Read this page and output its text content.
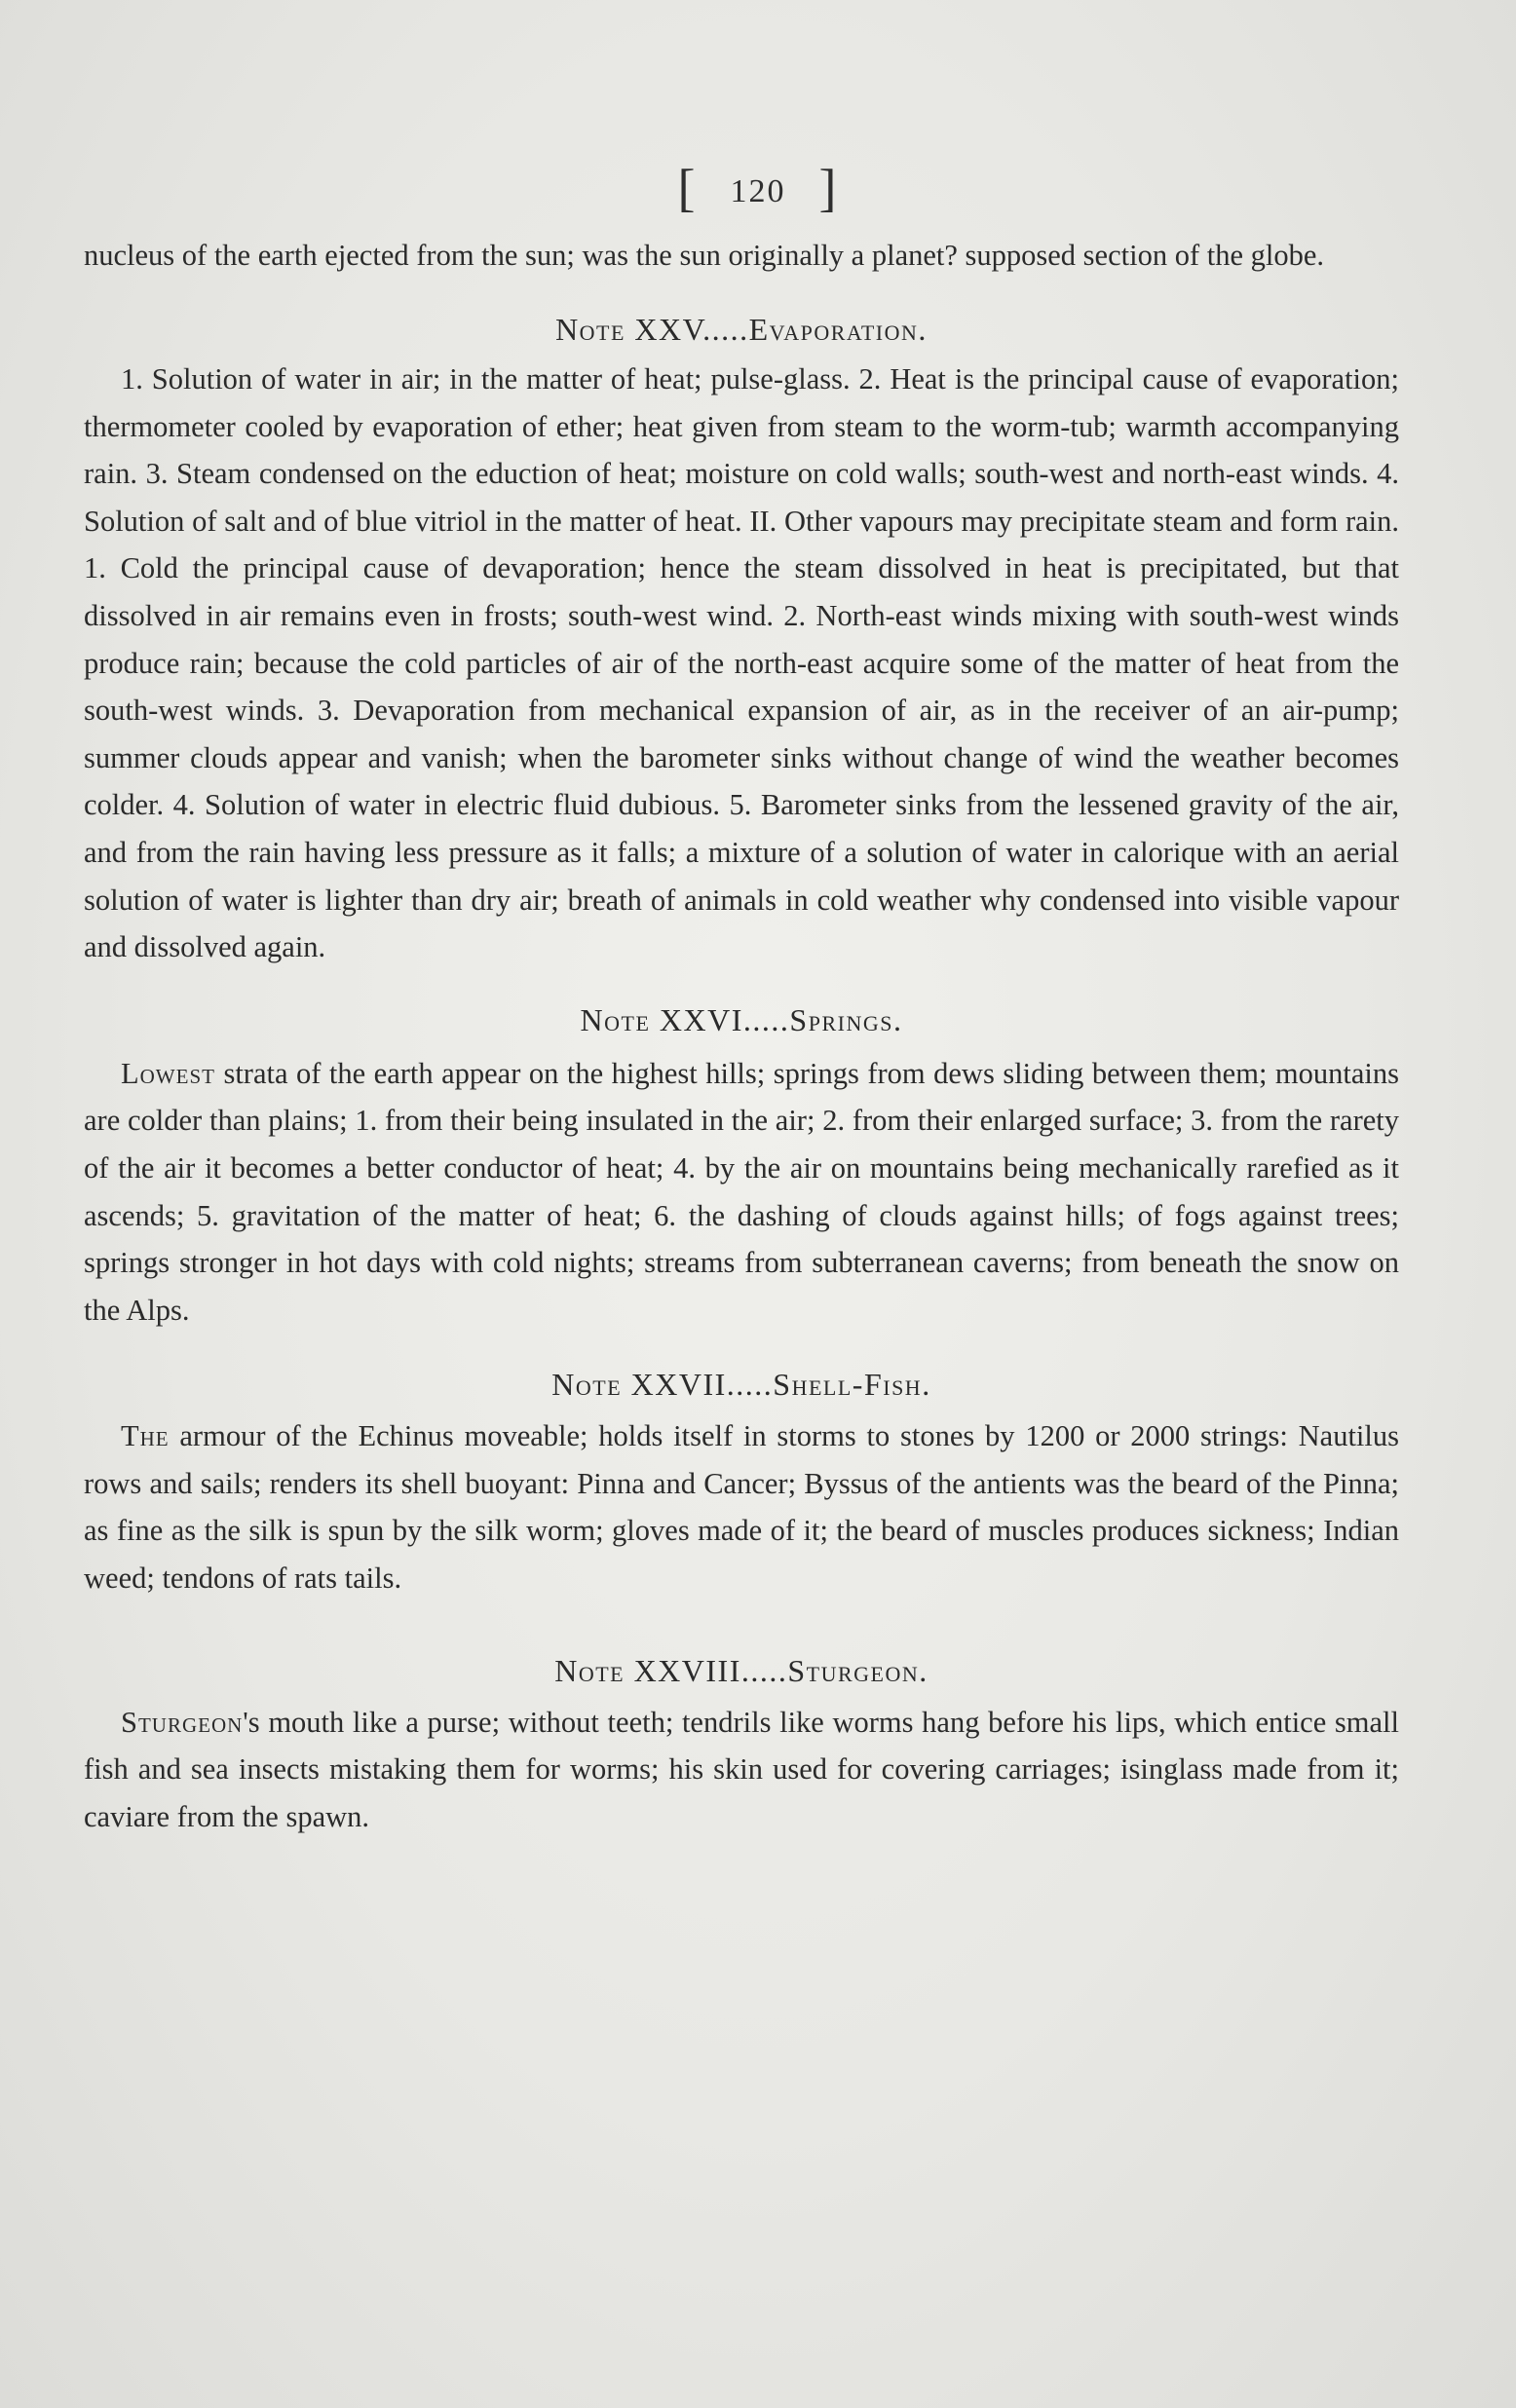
[ 120 ]

nucleus of the earth ejected from the sun; was the sun originally a planet? supposed section of the globe.

Note XXV.....Evaporation.

1. Solution of water in air; in the matter of heat; pulse-glass. 2. Heat is the principal cause of evaporation; thermometer cooled by evaporation of ether; heat given from steam to the worm-tub; warmth accompanying rain. 3. Steam condensed on the eduction of heat; moisture on cold walls; south-west and north-east winds. 4. Solution of salt and of blue vitriol in the matter of heat. II. Other vapours may precipitate steam and form rain. 1. Cold the principal cause of devaporation; hence the steam dissolved in heat is precipitated, but that dissolved in air remains even in frosts; south-west wind. 2. North-east winds mixing with south-west winds produce rain; because the cold particles of air of the north-east acquire some of the matter of heat from the south-west winds. 3. Devaporation from mechanical expansion of air, as in the receiver of an air-pump; summer clouds appear and vanish; when the barometer sinks without change of wind the weather becomes colder. 4. Solution of water in electric fluid dubious. 5. Barometer sinks from the lessened gravity of the air, and from the rain having less pressure as it falls; a mixture of a solution of water in calorique with an aerial solution of water is lighter than dry air; breath of animals in cold weather why condensed into visible vapour and dissolved again.

Note XXVI.....Springs.

Lowest strata of the earth appear on the highest hills; springs from dews sliding between them; mountains are colder than plains; 1. from their being insulated in the air; 2. from their enlarged surface; 3. from the rarety of the air it becomes a better conductor of heat; 4. by the air on mountains being mechanically rarefied as it ascends; 5. gravitation of the matter of heat; 6. the dashing of clouds against hills; of fogs against trees; springs stronger in hot days with cold nights; streams from subterranean caverns; from beneath the snow on the Alps.

Note XXVII.....Shell-Fish.

The armour of the Echinus moveable; holds itself in storms to stones by 1200 or 2000 strings: Nautilus rows and sails; renders its shell buoyant: Pinna and Cancer; Byssus of the antients was the beard of the Pinna; as fine as the silk is spun by the silk worm; gloves made of it; the beard of muscles produces sickness; Indian weed; tendons of rats tails.

Note XXVIII.....Sturgeon.

Sturgeon's mouth like a purse; without teeth; tendrils like worms hang before his lips, which entice small fish and sea insects mistaking them for worms; his skin used for covering carriages; isinglass made from it; caviare from the spawn.
